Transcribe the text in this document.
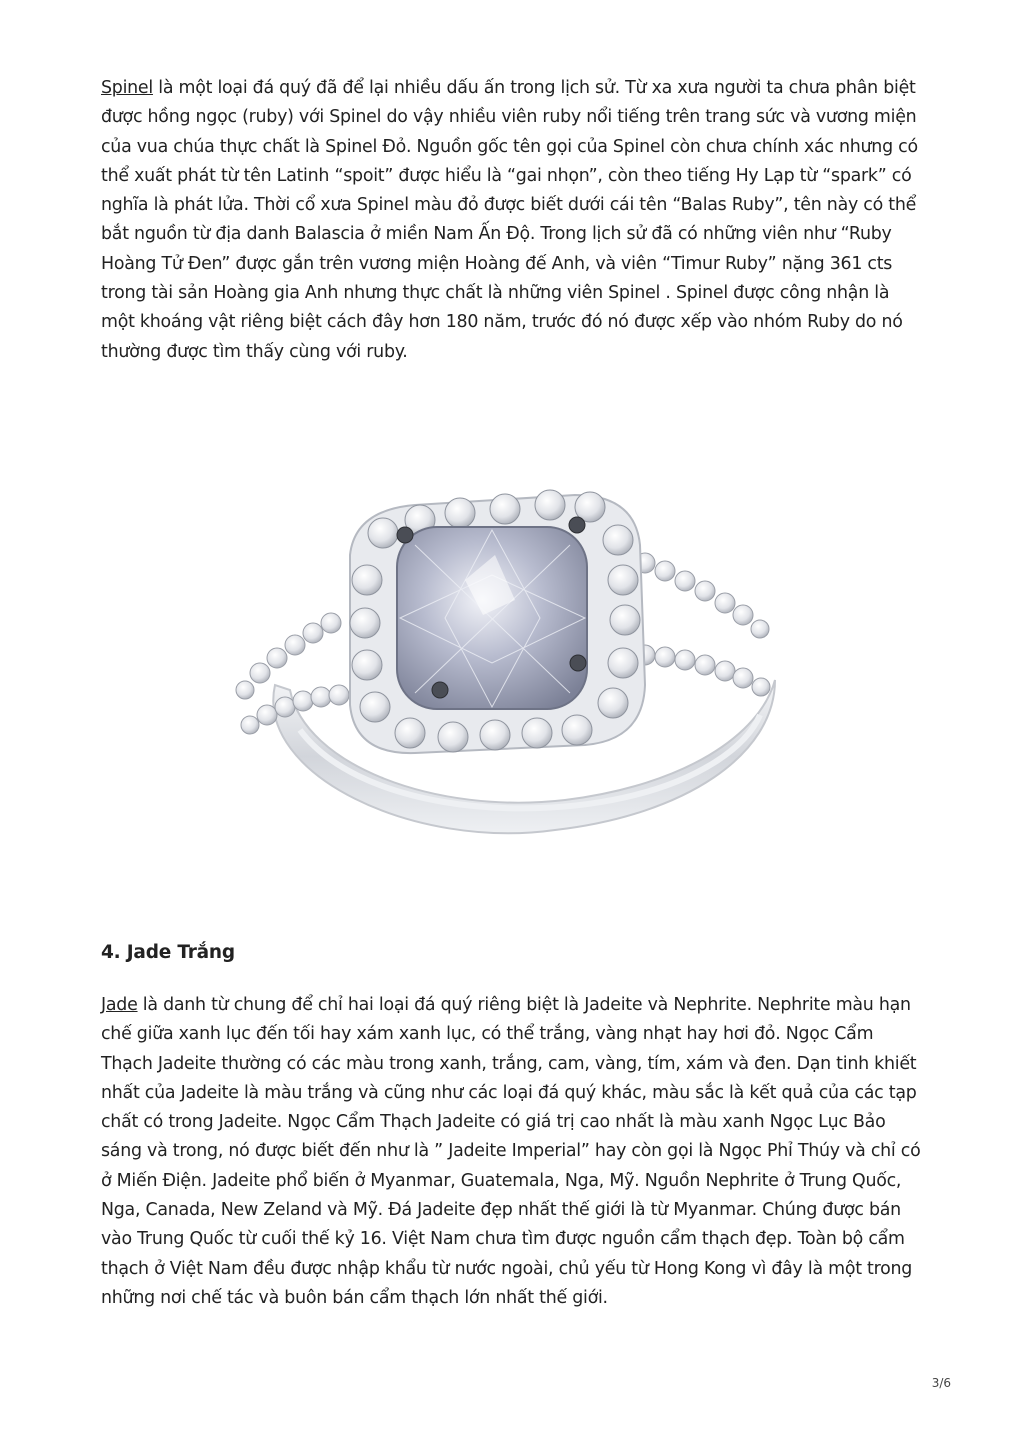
Spinel là một loại đá quý đã để lại nhiều dấu ấn trong lịch sử. Từ xa xưa người ta chưa phân biệt được hồng ngọc (ruby) với Spinel do vậy nhiều viên ruby nổi tiếng trên trang sức và vương miện của vua chúa thực chất là Spinel Đỏ. Nguồn gốc tên gọi của Spinel còn chưa chính xác nhưng có thể xuất phát từ tên Latinh “spoit” được hiểu là “gai nhọn”, còn theo tiếng Hy Lạp từ “spark” có nghĩa là phát lửa. Thời cổ xưa Spinel màu đỏ được biết dưới cái tên “Balas Ruby”, tên này có thể bắt nguồn từ địa danh Balascia ở miền Nam Ấn Độ. Trong lịch sử đã có những viên như “Ruby Hoàng Tử Đen” được gắn trên vương miện Hoàng đế Anh, và viên “Timur Ruby” nặng 361 cts trong tài sản Hoàng gia Anh nhưng thực chất là những viên Spinel . Spinel được công nhận là một khoáng vật riêng biệt cách đây hơn 180 năm, trước đó nó được xếp vào nhóm Ruby do nó thường được tìm thấy cùng với ruby.

4. Jade Trắng

Jade là danh từ chung để chỉ hai loại đá quý riêng biệt là Jadeite và Nephrite. Nephrite màu hạn chế giữa xanh lục đến tối hay xám xanh lục, có thể trắng, vàng nhạt hay hơi đỏ. Ngọc Cẩm Thạch Jadeite thường có các màu trong xanh, trắng, cam, vàng, tím, xám và đen. Dạn tinh khiết nhất của Jadeite là màu trắng và cũng như các loại đá quý khác, màu sắc là kết quả của các tạp chất có trong Jadeite. Ngọc Cẩm Thạch Jadeite có giá trị cao nhất là màu xanh Ngọc Lục Bảo sáng và trong, nó được biết đến như là ” Jadeite Imperial” hay còn gọi là Ngọc Phỉ Thúy và chỉ có ở Miến Điện. Jadeite phổ biến ở Myanmar, Guatemala, Nga, Mỹ. Nguồn Nephrite ở Trung Quốc, Nga, Canada, New Zeland và Mỹ. Đá Jadeite đẹp nhất thế giới là từ Myanmar. Chúng được bán vào Trung Quốc từ cuối thế kỷ 16. Việt Nam chưa tìm được nguồn cẩm thạch đẹp. Toàn bộ cẩm thạch ở Việt Nam đều được nhập khẩu từ nước ngoài, chủ yếu từ Hong Kong vì đây là một trong những nơi chế tác và buôn bán cẩm thạch lớn nhất thế giới.

3/6
